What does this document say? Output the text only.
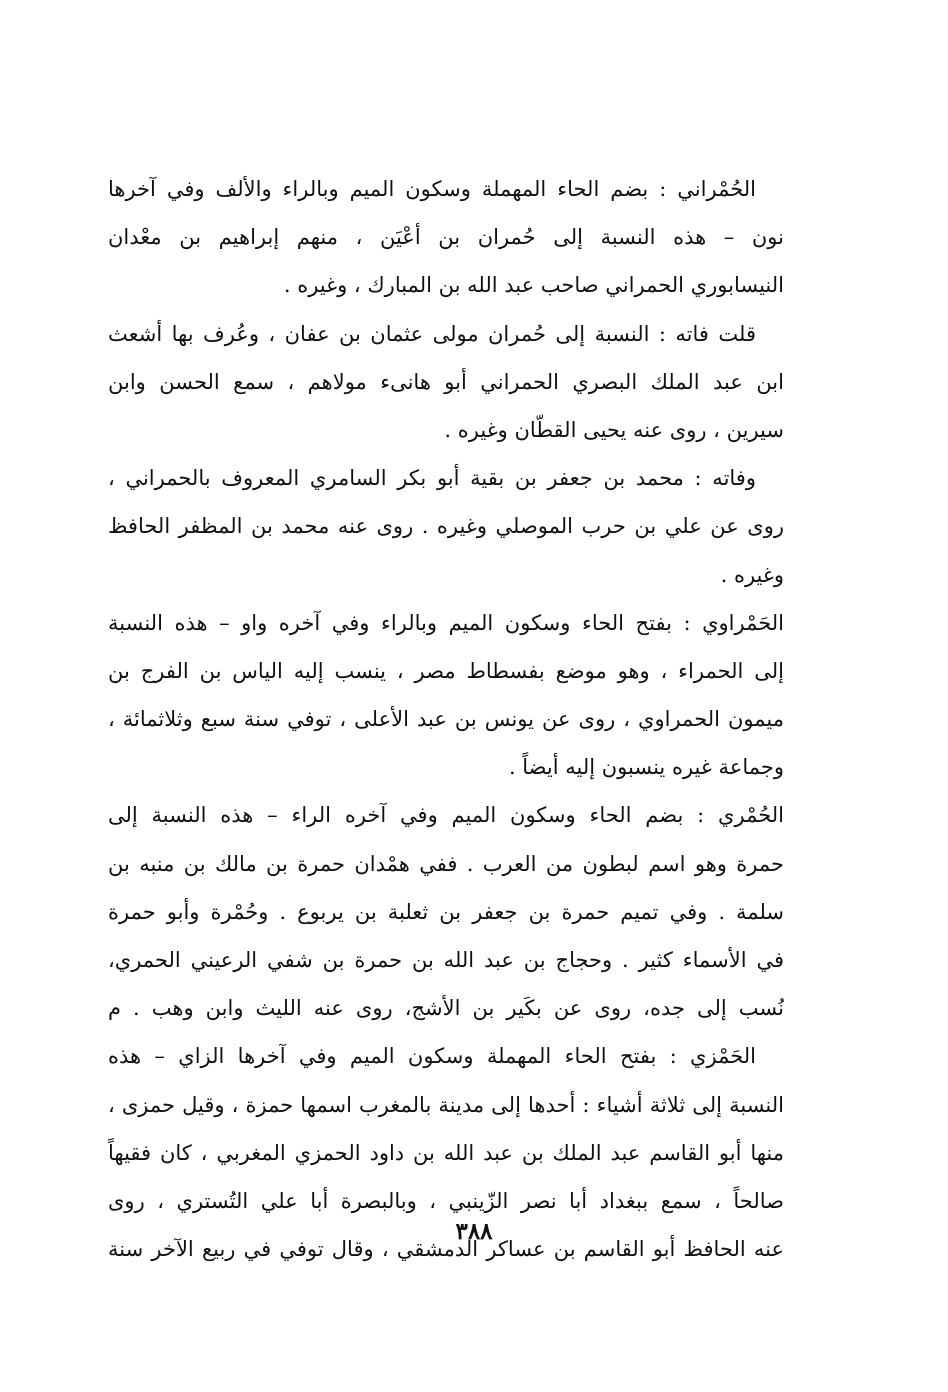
الحُمْراني : بضم الحاء المهملة وسكون الميم وبالراء والألف وفي آخرها
نون – هذه النسبة إلى حُمران بن أعْيَن ، منهم إبراهيم بن معْدان
النيسابوري الحمراني صاحب عبد الله بن المبارك ، وغيره .
قلت فاته : النسبة إلى حُمران مولى عثمان بن عفان ، وعُرف بها أشعث
ابن عبد الملك البصري الحمراني أبو هانىء مولاهم ، سمع الحسن وابن
سيرين ، روى عنه يحيى القطّان وغيره .
وفاته : محمد بن جعفر بن بقية أبو بكر السامري المعروف بالحمراني ،
روى عن علي بن حرب الموصلي وغيره . روى عنه محمد بن المظفر الحافظ
وغيره .
الحَمْراوي : بفتح الحاء وسكون الميم وبالراء وفي آخره واو – هذه النسبة
إلى الحمراء ، وهو موضع بفسطاط مصر ، ينسب إليه الياس بن الفرج بن
ميمون الحمراوي ، روى عن يونس بن عبد الأعلى ، توفي سنة سبع وثلاثمائة ،
وجماعة غيره ينسبون إليه أيضاً .
الحُمْري : بضم الحاء وسكون الميم وفي آخره الراء – هذه النسبة إلى
حمرة وهو اسم لبطون من العرب . ففي همْدان حمرة بن مالك بن منبه بن
سلمة . وفي تميم حمرة بن جعفر بن ثعلبة بن يربوع . وحُمْرة وأبو حمرة
في الأسماء كثير . وحجاج بن عبد الله بن حمرة بن شفي الرعيني الحمري،
نُسب إلى جده، روى عن بكَير بن الأشج، روى عنه الليث وابن وهب . م
الحَمْزي : بفتح الحاء المهملة وسكون الميم وفي آخرها الزاي – هذه
النسبة إلى ثلاثة أشياء : أحدها إلى مدينة بالمغرب اسمها حمزة ، وقيل حمزى ،
منها أبو القاسم عبد الملك بن عبد الله بن داود الحمزي المغربي ، كان فقيهاً
صالحاً ، سمع ببغداد أبا نصر الزّينبي ، وبالبصرة أبا علي التُستري ، روى
عنه الحافظ أبو القاسم بن عساكر الدمشقي ، وقال توفي في ربيع الآخر سنة
٣٨٨
